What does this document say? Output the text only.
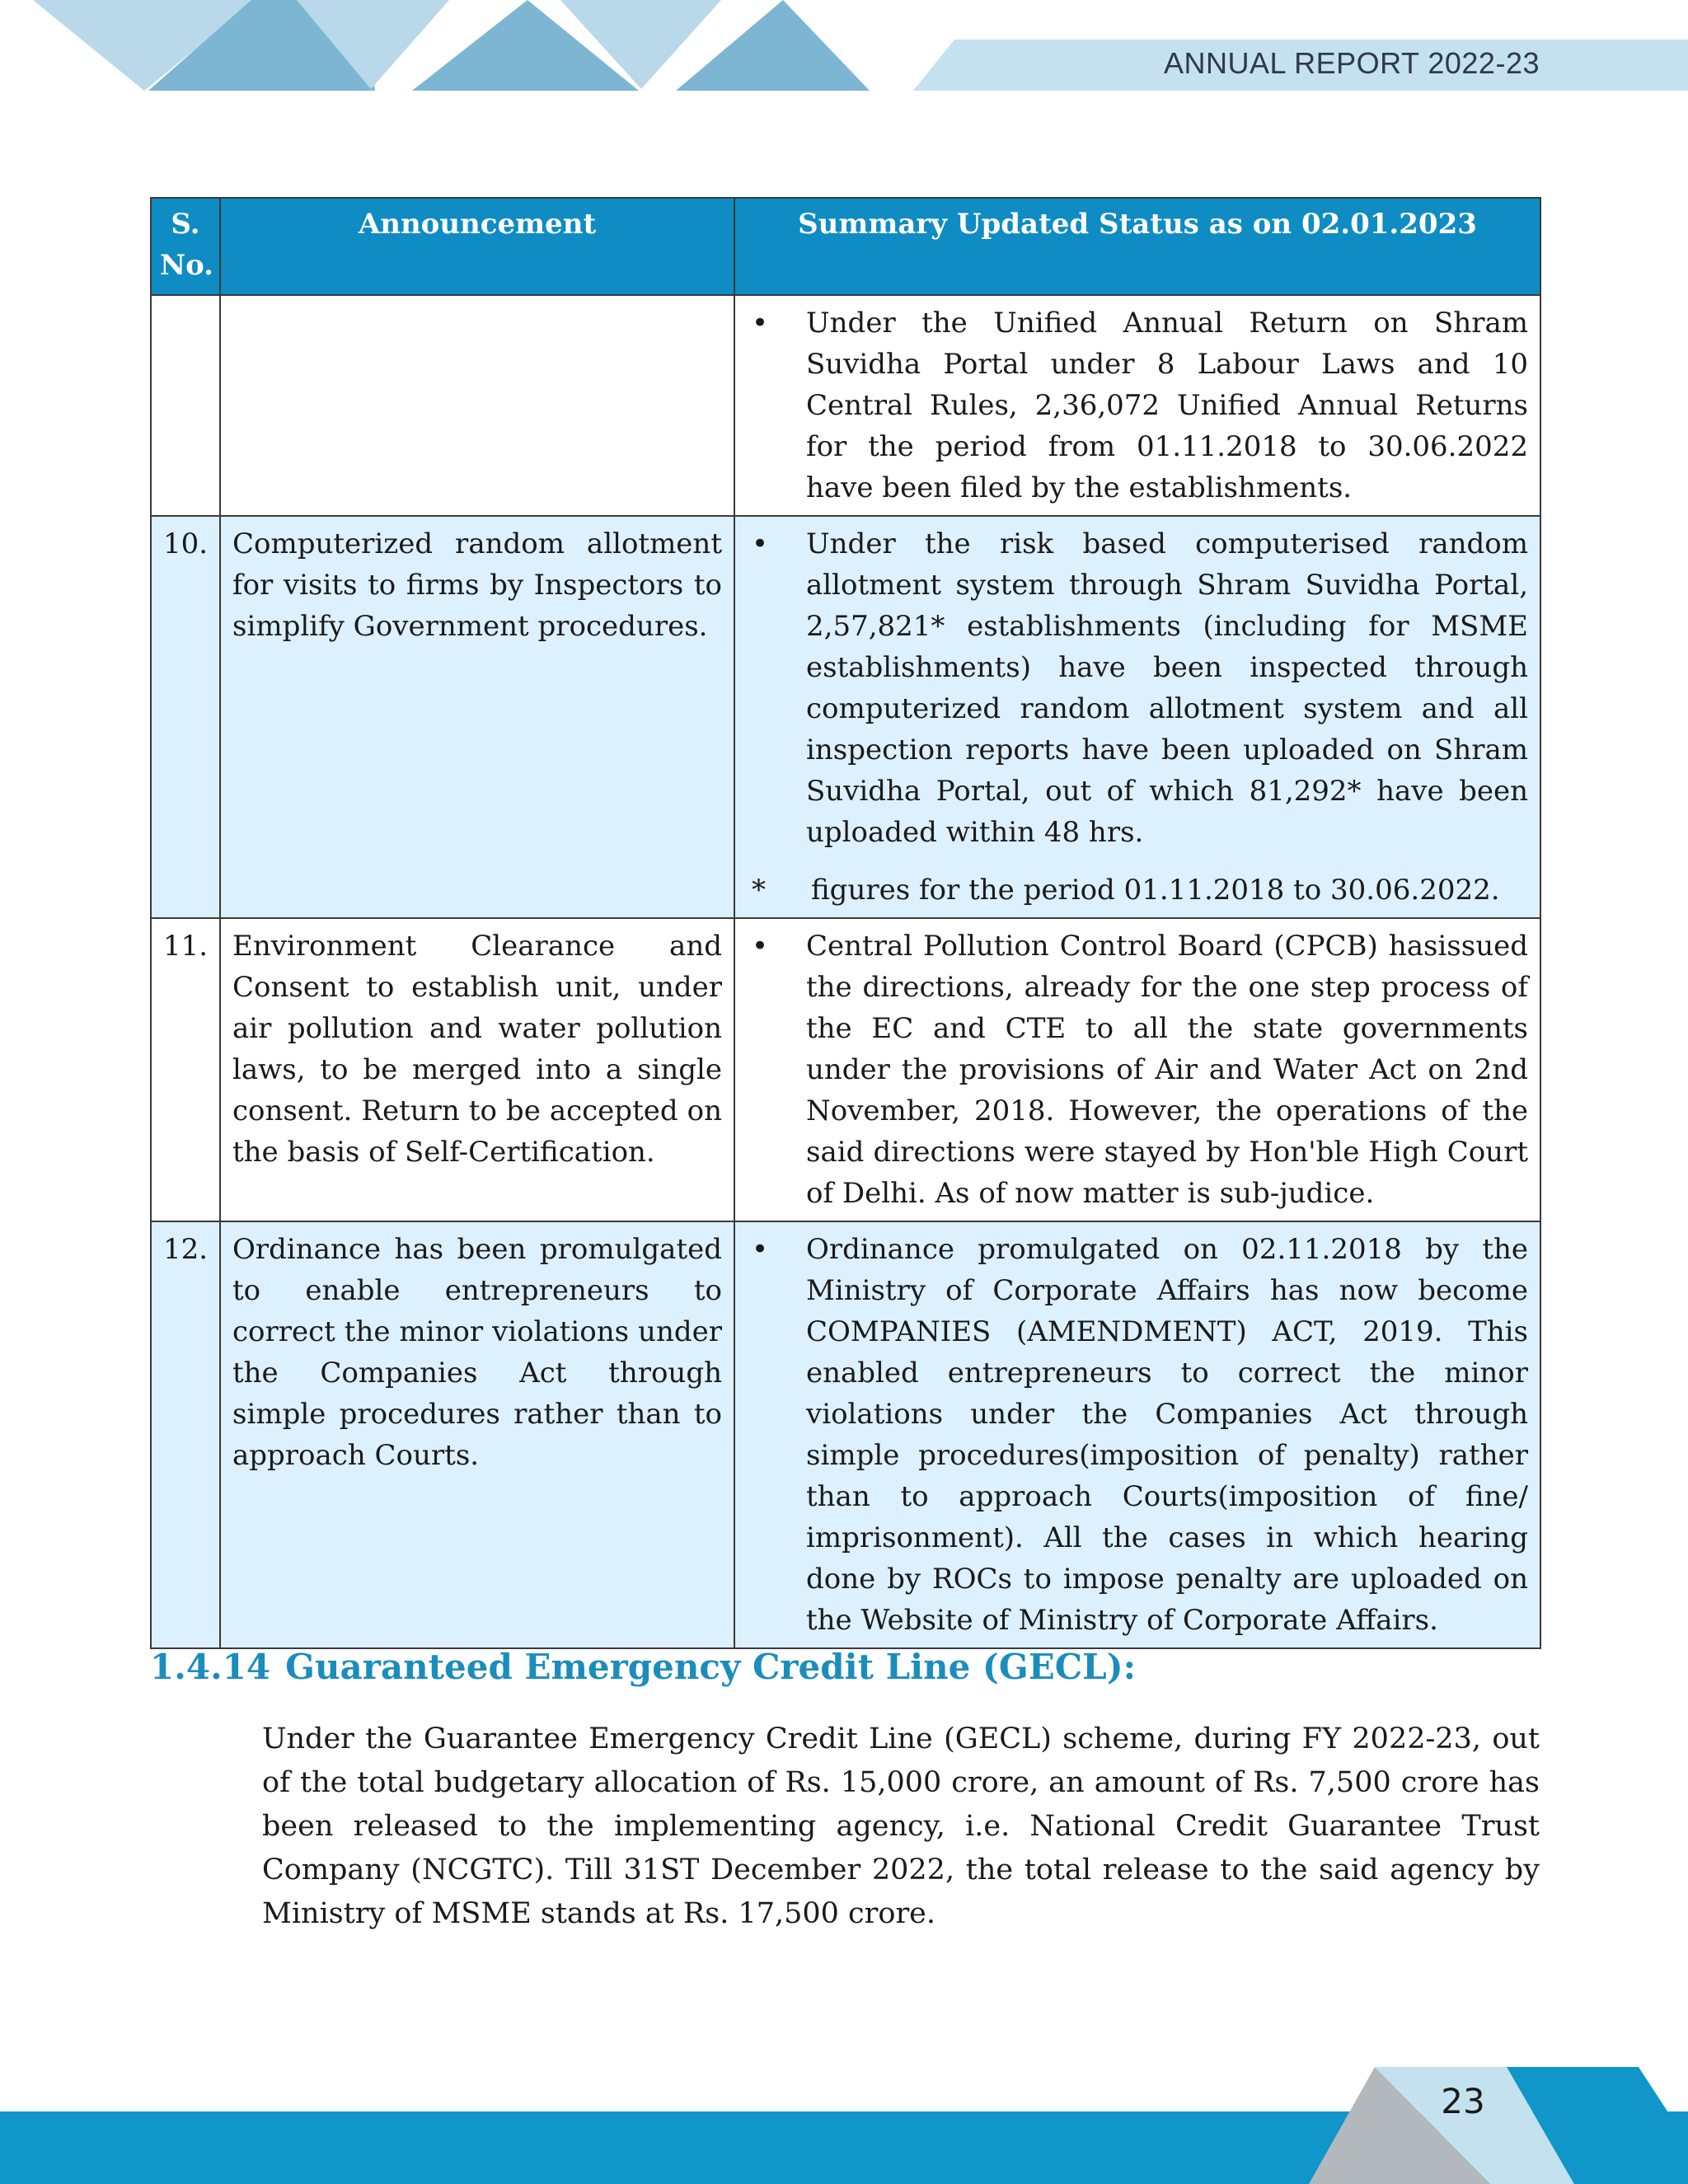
ANNUAL REPORT 2022-23
S. No.	Announcement	Summary Updated Status as on 02.01.2023

		• Under the Unified Annual Return on Shram Suvidha Portal under 8 Labour Laws and 10 Central Rules, 2,36,072 Unified Annual Returns for the period from 01.11.2018 to 30.06.2022 have been filed by the establishments.

10.	Computerized random allotment for visits to firms by Inspectors to simplify Government procedures.	• Under the risk based computerised random allotment system through Shram Suvidha Portal, 2,57,821* establishments (including for MSME establishments) have been inspected through computerized random allotment system and all inspection reports have been uploaded on Shram Suvidha Portal, out of which 81,292* have been uploaded within 48 hrs.
* figures for the period 01.11.2018 to 30.06.2022.

11.	Environment Clearance and Consent to establish unit, under air pollution and water pollution laws, to be merged into a single consent. Return to be accepted on the basis of Self-Certification.	• Central Pollution Control Board (CPCB) hasissued the directions, already for the one step process of the EC and CTE to all the state governments under the provisions of Air and Water Act on 2nd November, 2018. However, the operations of the said directions were stayed by Hon'ble High Court of Delhi. As of now matter is sub-judice.

12.	Ordinance has been promulgated to enable entrepreneurs to correct the minor violations under the Companies Act through simple procedures rather than to approach Courts.	• Ordinance promulgated on 02.11.2018 by the Ministry of Corporate Affairs has now become COMPANIES (AMENDMENT) ACT, 2019. This enabled entrepreneurs to correct the minor violations under the Companies Act through simple procedures(imposition of penalty) rather than to approach Courts(imposition of fine/ imprisonment). All the cases in which hearing done by ROCs to impose penalty are uploaded on the Website of Ministry of Corporate Affairs.
1.4.14 Guaranteed Emergency Credit Line (GECL):
Under the Guarantee Emergency Credit Line (GECL) scheme, during FY 2022-23, out of the total budgetary allocation of Rs. 15,000 crore, an amount of Rs. 7,500 crore has been released to the implementing agency, i.e. National Credit Guarantee Trust Company (NCGTC). Till 31ST December 2022, the total release to the said agency by Ministry of MSME stands at Rs. 17,500 crore.
23
